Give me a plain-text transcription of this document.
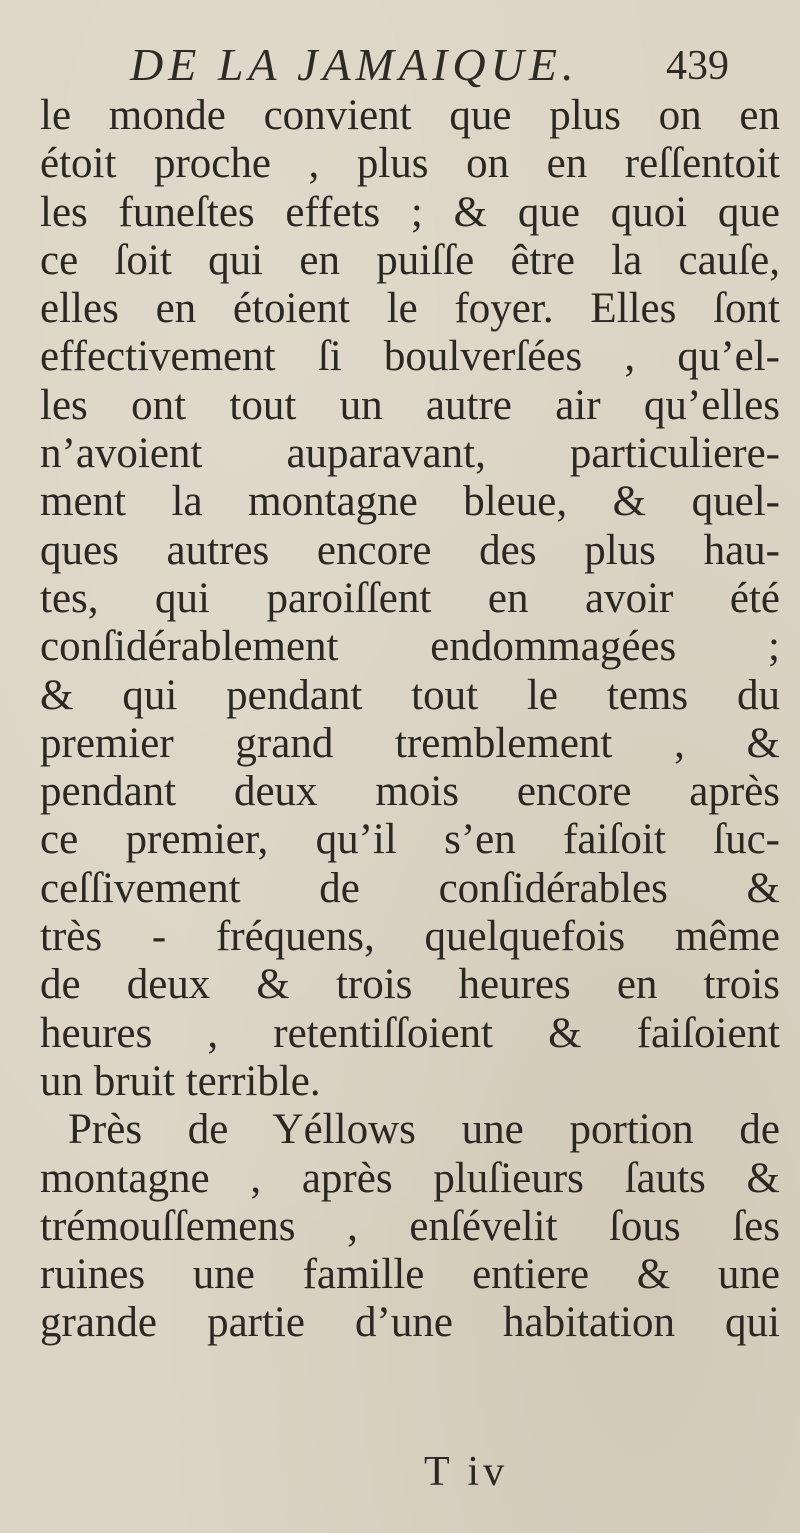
DE LA JAMAIQUE. 439
le monde convient que plus on en
étoit proche , plus on en reſſentoit
les funeſtes effets ; & que quoi que
ce ſoit qui en puiſſe être la cauſe,
elles en étoient le foyer. Elles ſont
effectivement ſi boulverſées , qu’el-
les ont tout un autre air qu’elles
n’avoient auparavant, particuliere-
ment la montagne bleue, & quel-
ques autres encore des plus hau-
tes, qui paroiſſent en avoir été
conſidérablement endommagées ;
& qui pendant tout le tems du
premier grand tremblement , &
pendant deux mois encore après
ce premier, qu’il s’en faiſoit ſuc-
ceſſivement de conſidérables &
très - fréquens, quelquefois même
de deux & trois heures en trois
heures , retentiſſoient & faiſoient
un bruit terrible.
Près de Yéllows une portion de
montagne , après pluſieurs ſauts &
trémouſſemens , enſévelit ſous ſes
ruines une famille entiere & une
grande partie d’une habitation qui
T iv
